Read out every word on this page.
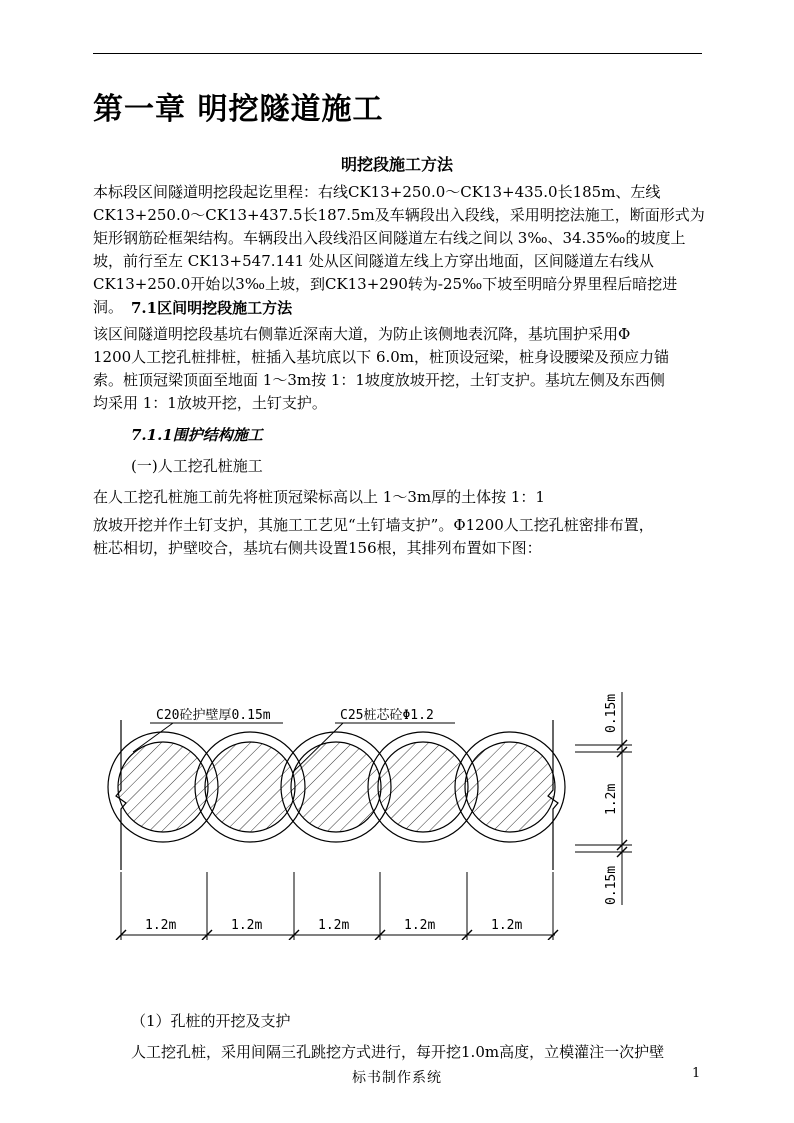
第一章 明挖隧道施工
明挖段施工方法
本标段区间隧道明挖段起讫里程：右线CK13+250.0～CK13+435.0长185m、左线
CK13+250.0～CK13+437.5长187.5m及车辆段出入段线，采用明挖法施工，断面形式为
矩形钢筋砼框架结构。车辆段出入段线沿区间隧道左右线之间以 3‰、34.35‰的坡度上
坡，前行至左 CK13+547.141 处从区间隧道左线上方穿出地面，区间隧道左右线从
CK13+250.0开始以3‰上坡，到CK13+290转为-25‰下坡至明暗分界里程后暗挖进洞。 7.1区间明挖段施工方法
该区间隧道明挖段基坑右侧靠近深南大道，为防止该侧地表沉降，基坑围护采用Φ
1200人工挖孔桩排桩，桩插入基坑底以下 6.0m，桩顶设冠梁，桩身设腰梁及预应力锚
索。桩顶冠梁顶面至地面 1～3m按 1：1坡度放坡开挖，土钉支护。基坑左侧及东西侧
均采用 1：1放坡开挖，土钉支护。
7.1.1围护结构施工
(一)人工挖孔桩施工
在人工挖孔桩施工前先将桩顶冠梁标高以上 1～3m厚的土体按 1：1
放坡开挖并作土钉支护，其施工工艺见“土钉墙支护”。Φ1200人工挖孔桩密排布置，
桩芯相切，护壁咬合，基坑右侧共设置156根，其排列布置如下图：
C20砼护壁厚0.15m	C25桩芯砼Φ1.2	0.15m
1.2m
0.15m
1.2m	1.2m	1.2m	1.2m	1.2m
（1）孔桩的开挖及支护
人工挖孔桩，采用间隔三孔跳挖方式进行，每开挖1.0m高度，立模灌注一次护壁
标书制作系统	1
